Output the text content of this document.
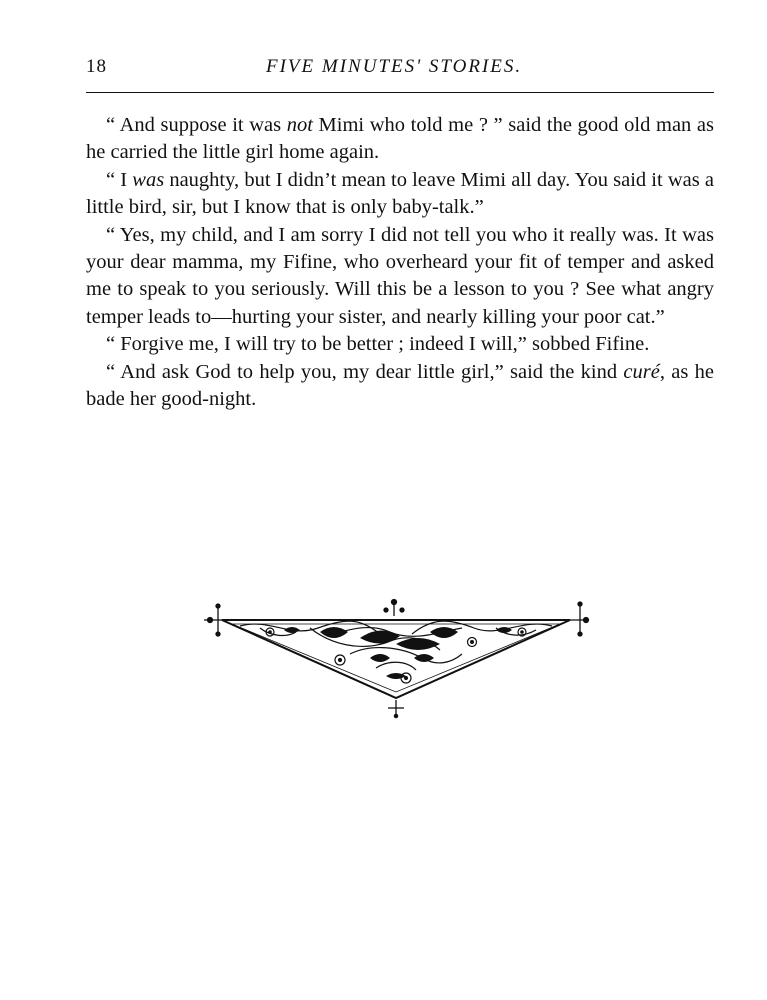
18	FIVE MINUTES' STORIES.

“ And suppose it was not Mimi who told me ? ” said the good old man as he carried the little girl home again.

“ I was naughty, but I didn’t mean to leave Mimi all day. You said it was a little bird, sir, but I know that is only baby-talk.”

“ Yes, my child, and I am sorry I did not tell you who it really was. It was your dear mamma, my Fifine, who overheard your fit of temper and asked me to speak to you seriously. Will this be a lesson to you ? See what angry temper leads to—hurting your sister, and nearly killing your poor cat.”

“ Forgive me, I will try to be better ; indeed I will,” sobbed Fifine.

“ And ask God to help you, my dear little girl,” said the kind curé, as he bade her good-night.
